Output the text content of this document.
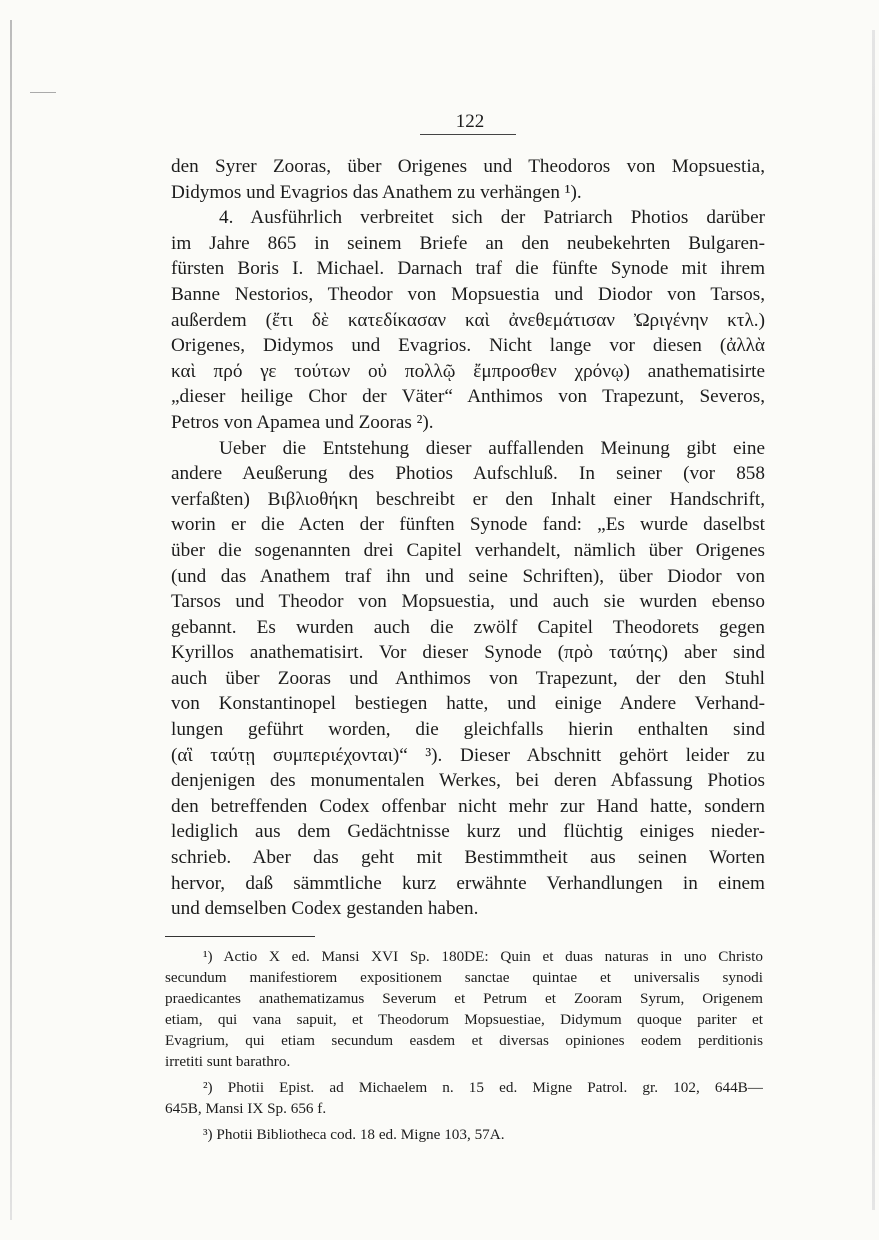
122
den Syrer Zooras, über Origenes und Theodoros von Mopsuestia,
Didymos und Evagrios das Anathem zu verhängen ¹).
4. Ausführlich verbreitet sich der Patriarch Photios darüber
im Jahre 865 in seinem Briefe an den neubekehrten Bulgaren-
fürsten Boris I. Michael. Darnach traf die fünfte Synode mit ihrem
Banne Nestorios, Theodor von Mopsuestia und Diodor von Tarsos,
außerdem (ἔτι δὲ κατεδίκασαν καὶ ἀνεθεμάτισαν Ὠριγένην κτλ.)
Origenes, Didymos und Evagrios. Nicht lange vor diesen (ἀλλὰ
καὶ πρό γε τούτων οὐ πολλῷ ἔμπροσθεν χρόνῳ) anathematisirte
„dieser heilige Chor der Väter“ Anthimos von Trapezunt, Severos,
Petros von Apamea und Zooras ²).
Ueber die Entstehung dieser auffallenden Meinung gibt eine
andere Aeußerung des Photios Aufschluß. In seiner (vor 858
verfaßten) Βιβλιοθήκη beschreibt er den Inhalt einer Handschrift,
worin er die Acten der fünften Synode fand: „Es wurde daselbst
über die sogenannten drei Capitel verhandelt, nämlich über Origenes
(und das Anathem traf ihn und seine Schriften), über Diodor von
Tarsos und Theodor von Mopsuestia, und auch sie wurden ebenso
gebannt. Es wurden auch die zwölf Capitel Theodorets gegen
Kyrillos anathematisirt. Vor dieser Synode (πρὸ ταύτης) aber sind
auch über Zooras und Anthimos von Trapezunt, der den Stuhl
von Konstantinopel bestiegen hatte, und einige Andere Verhand-
lungen geführt worden, die gleichfalls hierin enthalten sind
(αἳ ταύτῃ συμπεριέχονται)“ ³). Dieser Abschnitt gehört leider zu
denjenigen des monumentalen Werkes, bei deren Abfassung Photios
den betreffenden Codex offenbar nicht mehr zur Hand hatte, sondern
lediglich aus dem Gedächtnisse kurz und flüchtig einiges nieder-
schrieb. Aber das geht mit Bestimmtheit aus seinen Worten
hervor, daß sämmtliche kurz erwähnte Verhandlungen in einem
und demselben Codex gestanden haben.
¹) Actio X ed. Mansi XVI Sp. 180DE: Quin et duas naturas in uno Christo
secundum manifestiorem expositionem sanctae quintae et universalis synodi
praedicantes anathematizamus Severum et Petrum et Zooram Syrum, Origenem
etiam, qui vana sapuit, et Theodorum Mopsuestiae, Didymum quoque pariter et
Evagrium, qui etiam secundum easdem et diversas opiniones eodem perditionis
irretiti sunt barathro.
²) Photii Epist. ad Michaelem n. 15 ed. Migne Patrol. gr. 102, 644B—
645B, Mansi IX Sp. 656 f.
³) Photii Bibliotheca cod. 18 ed. Migne 103, 57A.
